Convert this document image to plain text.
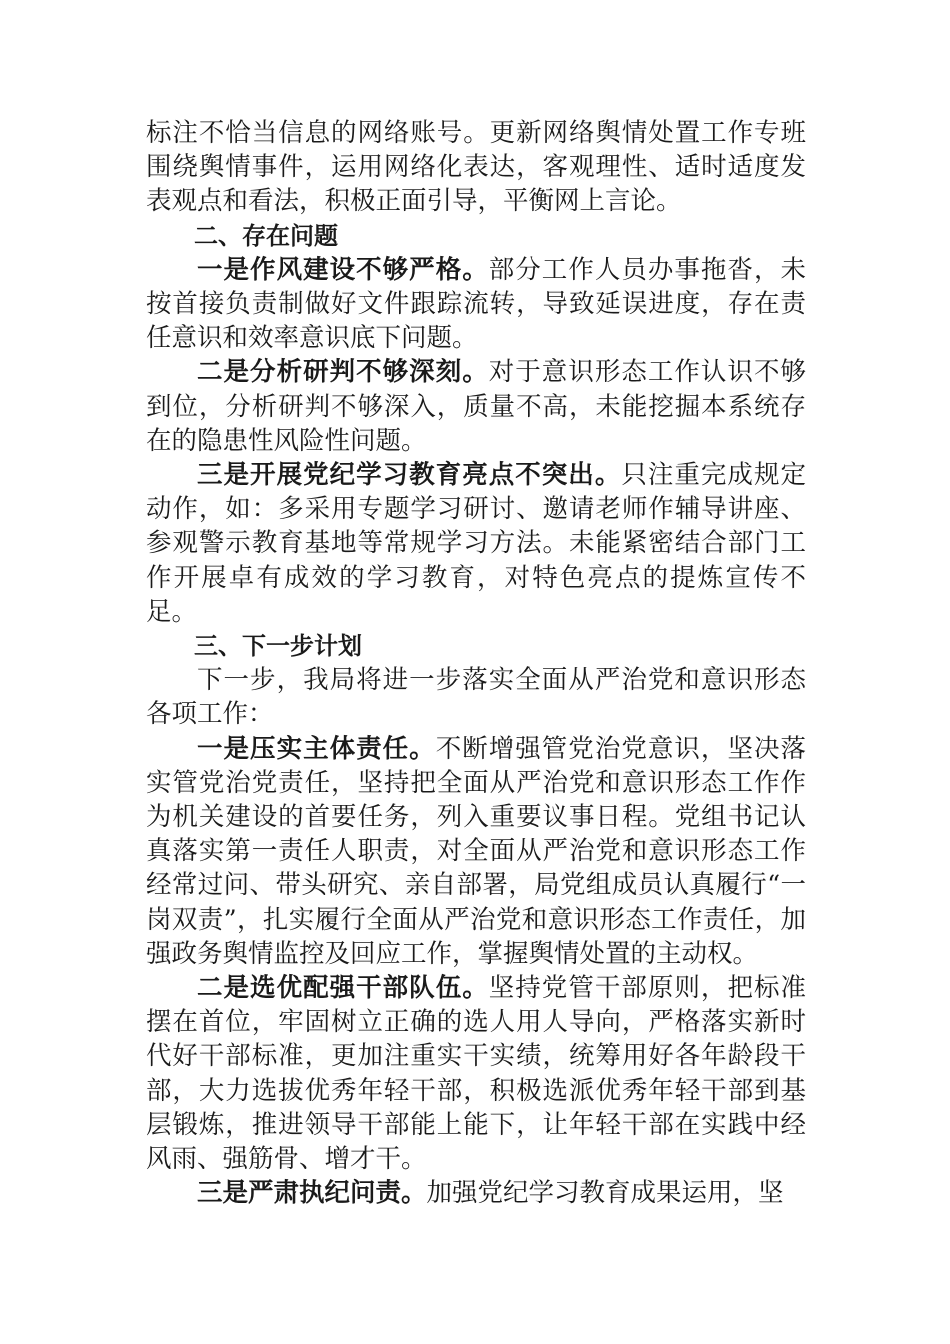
标注不恰当信息的网络账号。更新网络舆情处置工作专班围绕舆情事件，运用网络化表达，客观理性、适时适度发表观点和看法，积极正面引导，平衡网上言论。

二、存在问题

一是作风建设不够严格。部分工作人员办事拖沓，未按首接负责制做好文件跟踪流转，导致延误进度，存在责任意识和效率意识底下问题。

二是分析研判不够深刻。对于意识形态工作认识不够到位，分析研判不够深入，质量不高，未能挖掘本系统存在的隐患性风险性问题。

三是开展党纪学习教育亮点不突出。只注重完成规定动作，如：多采用专题学习研讨、邀请老师作辅导讲座、参观警示教育基地等常规学习方法。未能紧密结合部门工作开展卓有成效的学习教育，对特色亮点的提炼宣传不足。

三、下一步计划

下一步，我局将进一步落实全面从严治党和意识形态各项工作：

一是压实主体责任。不断增强管党治党意识，坚决落实管党治党责任，坚持把全面从严治党和意识形态工作作为机关建设的首要任务，列入重要议事日程。党组书记认真落实第一责任人职责，对全面从严治党和意识形态工作经常过问、带头研究、亲自部署，局党组成员认真履行“一岗双责”，扎实履行全面从严治党和意识形态工作责任，加强政务舆情监控及回应工作，掌握舆情处置的主动权。

二是选优配强干部队伍。坚持党管干部原则，把标准摆在首位，牢固树立正确的选人用人导向，严格落实新时代好干部标准，更加注重实干实绩，统筹用好各年龄段干部，大力选拔优秀年轻干部，积极选派优秀年轻干部到基层锻炼，推进领导干部能上能下，让年轻干部在实践中经风雨、强筋骨、增才干。

三是严肃执纪问责。加强党纪学习教育成果运用，坚
